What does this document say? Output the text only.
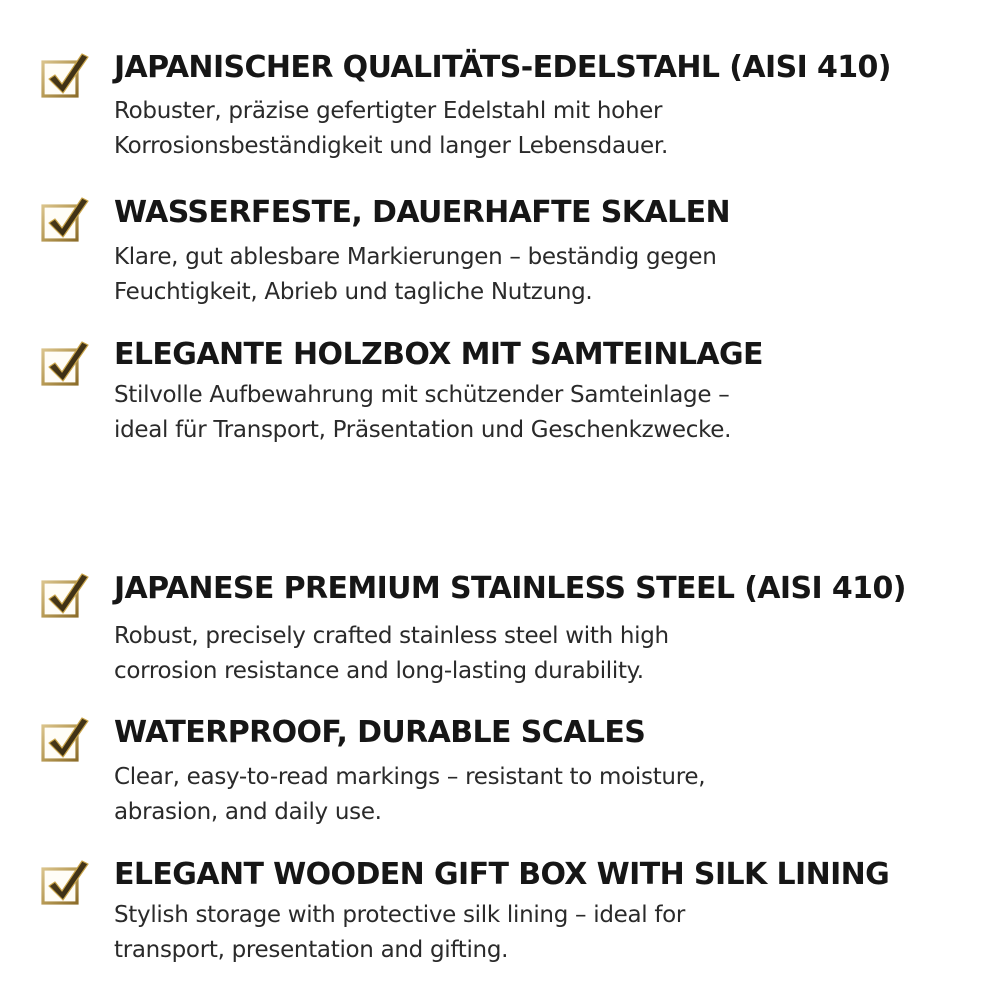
JAPANISCHER QUALITÄTS-EDELSTAHL (AISI 410)
Robuster, präzise gefertigter Edelstahl mit hoher
Korrosionsbeständigkeit und langer Lebensdauer.
WASSERFESTE, DAUERHAFTE SKALEN
Klare, gut ablesbare Markierungen – beständig gegen
Feuchtigkeit, Abrieb und tagliche Nutzung.
ELEGANTE HOLZBOX MIT SAMTEINLAGE
Stilvolle Aufbewahrung mit schützender Samteinlage –
ideal für Transport, Präsentation und Geschenkzwecke.
JAPANESE PREMIUM STAINLESS STEEL (AISI 410)
Robust, precisely crafted stainless steel with high
corrosion resistance and long-lasting durability.
WATERPROOF, DURABLE SCALES
Clear, easy-to-read markings – resistant to moisture,
abrasion, and daily use.
ELEGANT WOODEN GIFT BOX WITH SILK LINING
Stylish storage with protective silk lining – ideal for
transport, presentation and gifting.
